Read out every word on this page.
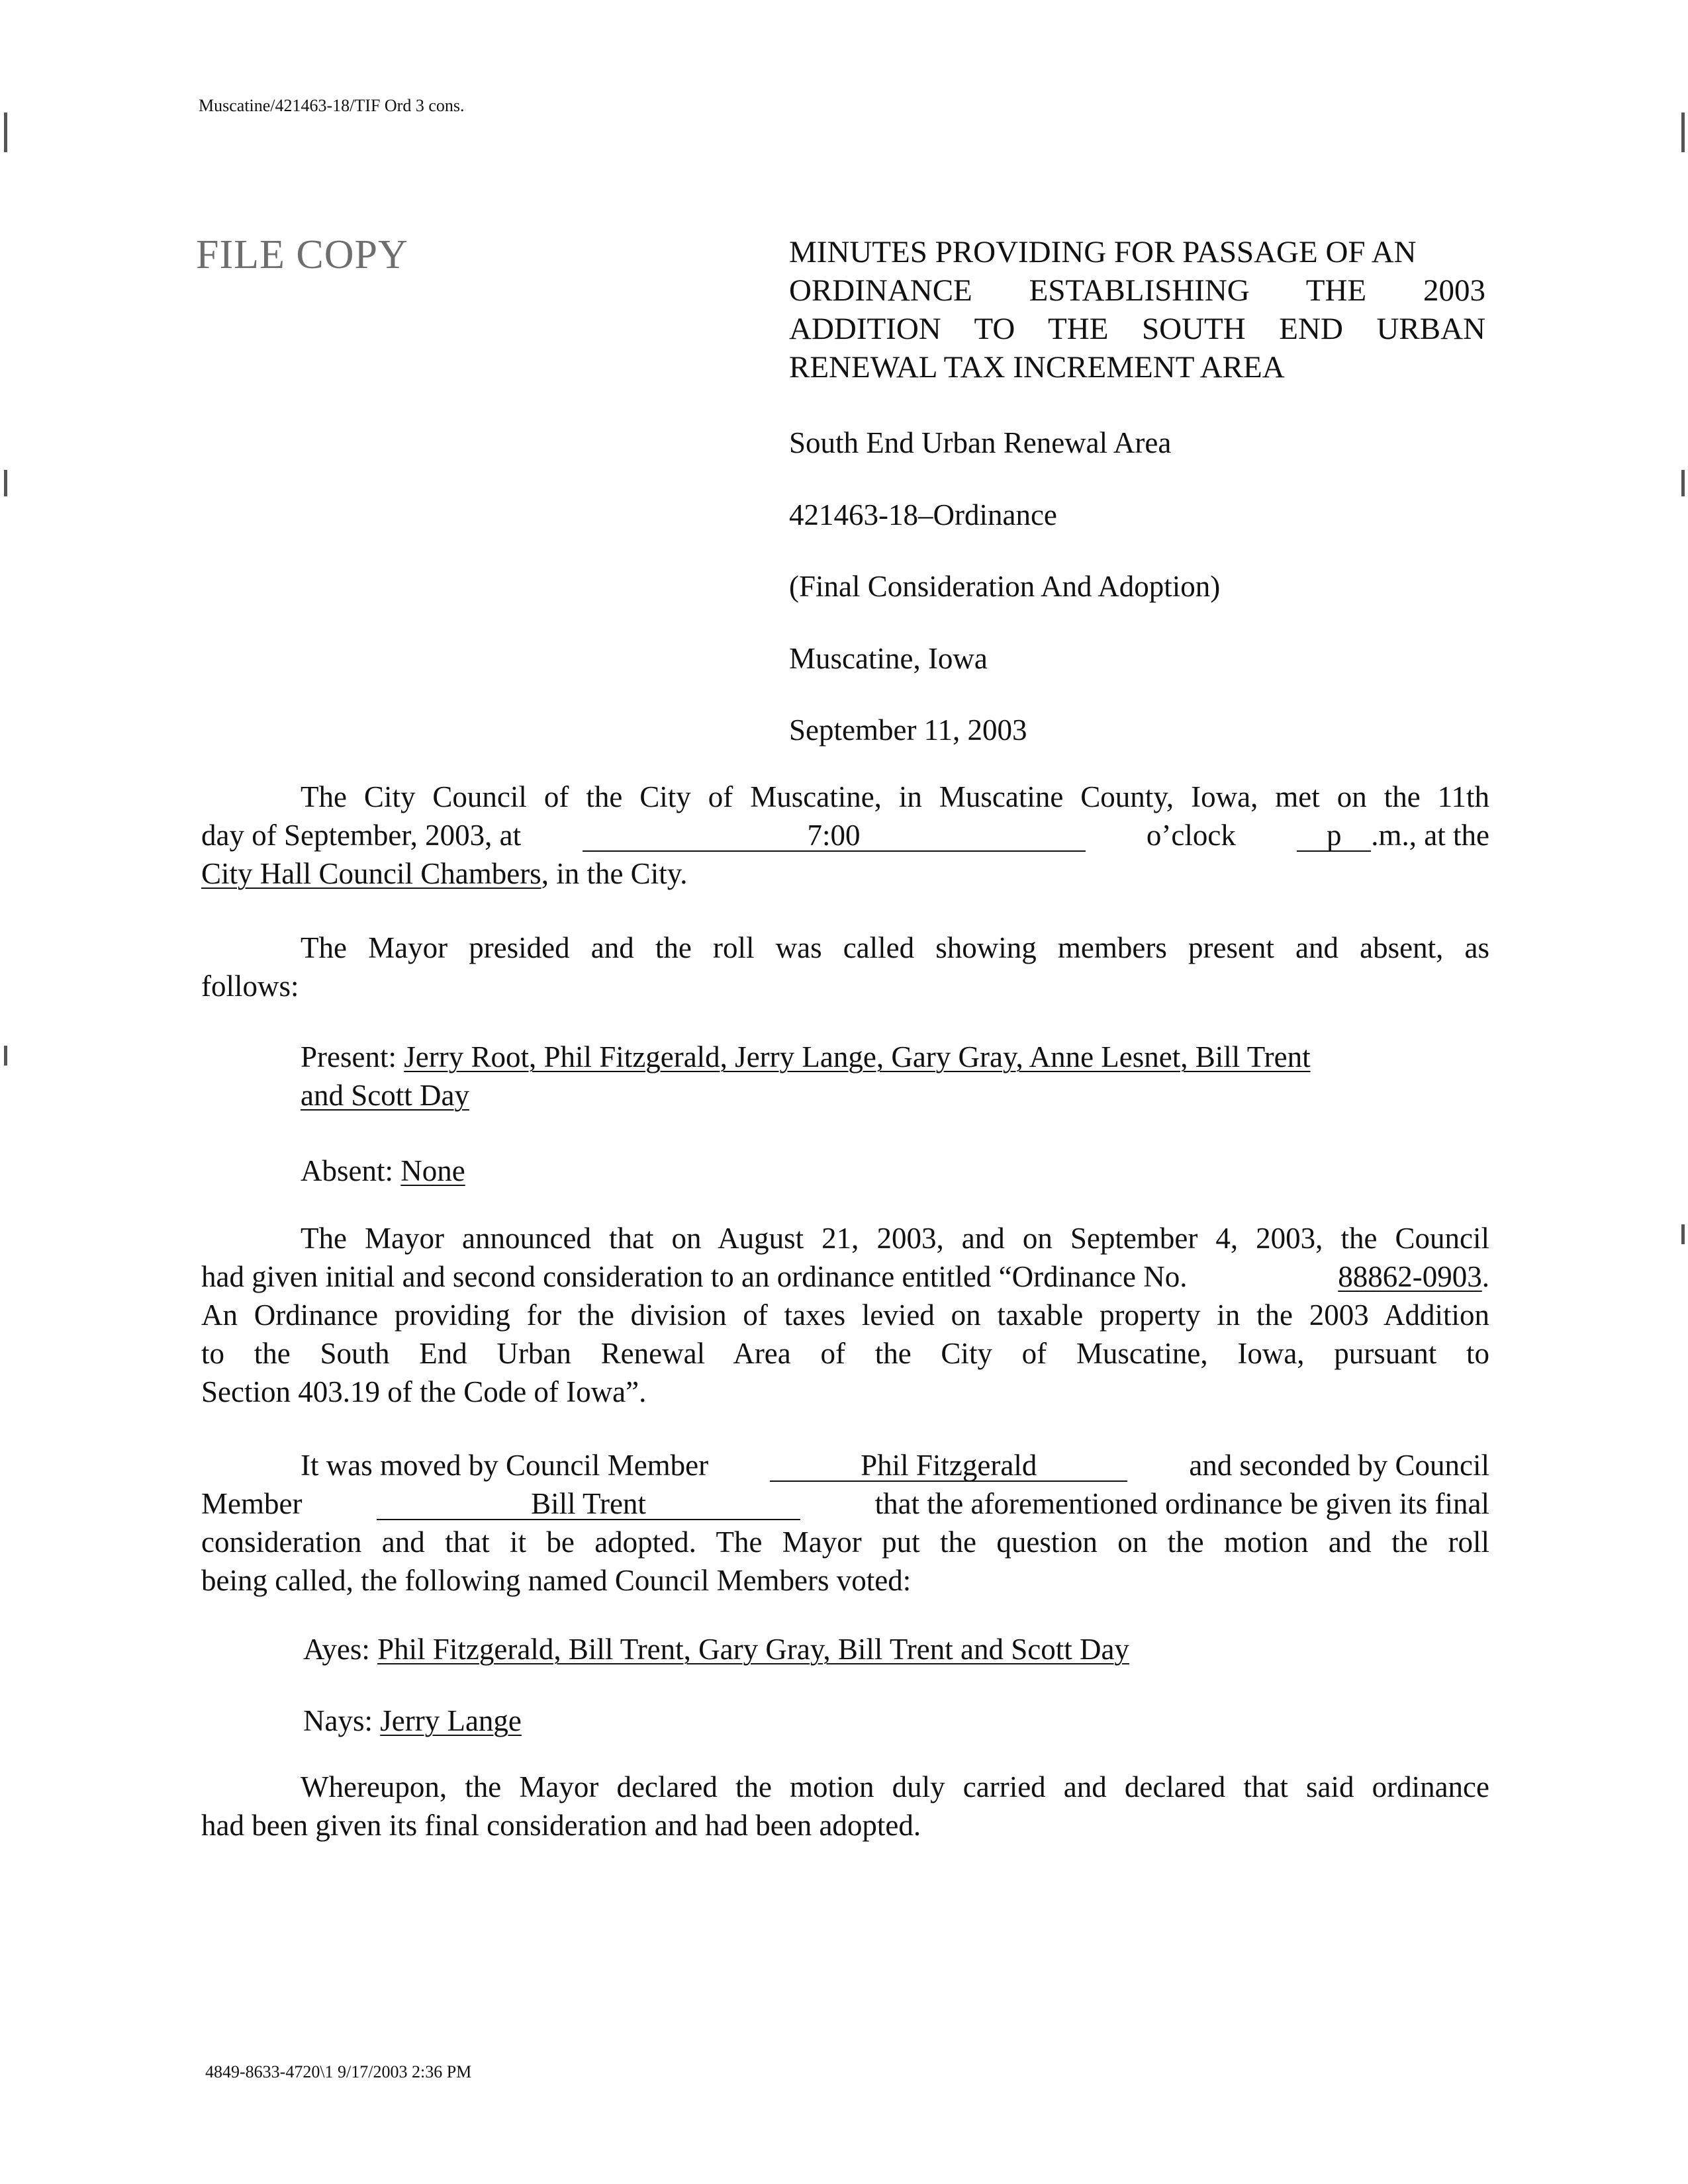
Muscatine/421463-18/TIF Ord 3 cons.
FILE COPY	MINUTES PROVIDING FOR PASSAGE OF AN
ORDINANCE ESTABLISHING THE 2003
ADDITION TO THE SOUTH END URBAN
RENEWAL TAX INCREMENT AREA
South End Urban Renewal Area
421463-18–Ordinance
(Final Consideration And Adoption)
Muscatine, Iowa
September 11, 2003
The City Council of the City of Muscatine, in Muscatine County, Iowa, met on the 11th
day of September, 2003, at	7:00	o’clock	p .m., at the
City Hall Council Chambers, in the City.
The Mayor presided and the roll was called showing members present and absent, as
follows:
Present: Jerry Root, Phil Fitzgerald, Jerry Lange, Gary Gray, Anne Lesnet, Bill Trent
and Scott Day
Absent: None
The Mayor announced that on August 21, 2003, and on September 4, 2003, the Council
had given initial and second consideration to an ordinance entitled “Ordinance No.	88862-0903.
An Ordinance providing for the division of taxes levied on taxable property in the 2003 Addition
to the South End Urban Renewal Area of the City of Muscatine, Iowa, pursuant to
Section 403.19 of the Code of Iowa”.
It was moved by Council Member	Phil Fitzgerald	and seconded by Council
Member	Bill Trent	that the aforementioned ordinance be given its final
consideration and that it be adopted. The Mayor put the question on the motion and the roll
being called, the following named Council Members voted:
Ayes: Phil Fitzgerald, Bill Trent, Gary Gray, Bill Trent and Scott Day
Nays: Jerry Lange
Whereupon, the Mayor declared the motion duly carried and declared that said ordinance
had been given its final consideration and had been adopted.
4849-8633-4720\1 9/17/2003 2:36 PM
